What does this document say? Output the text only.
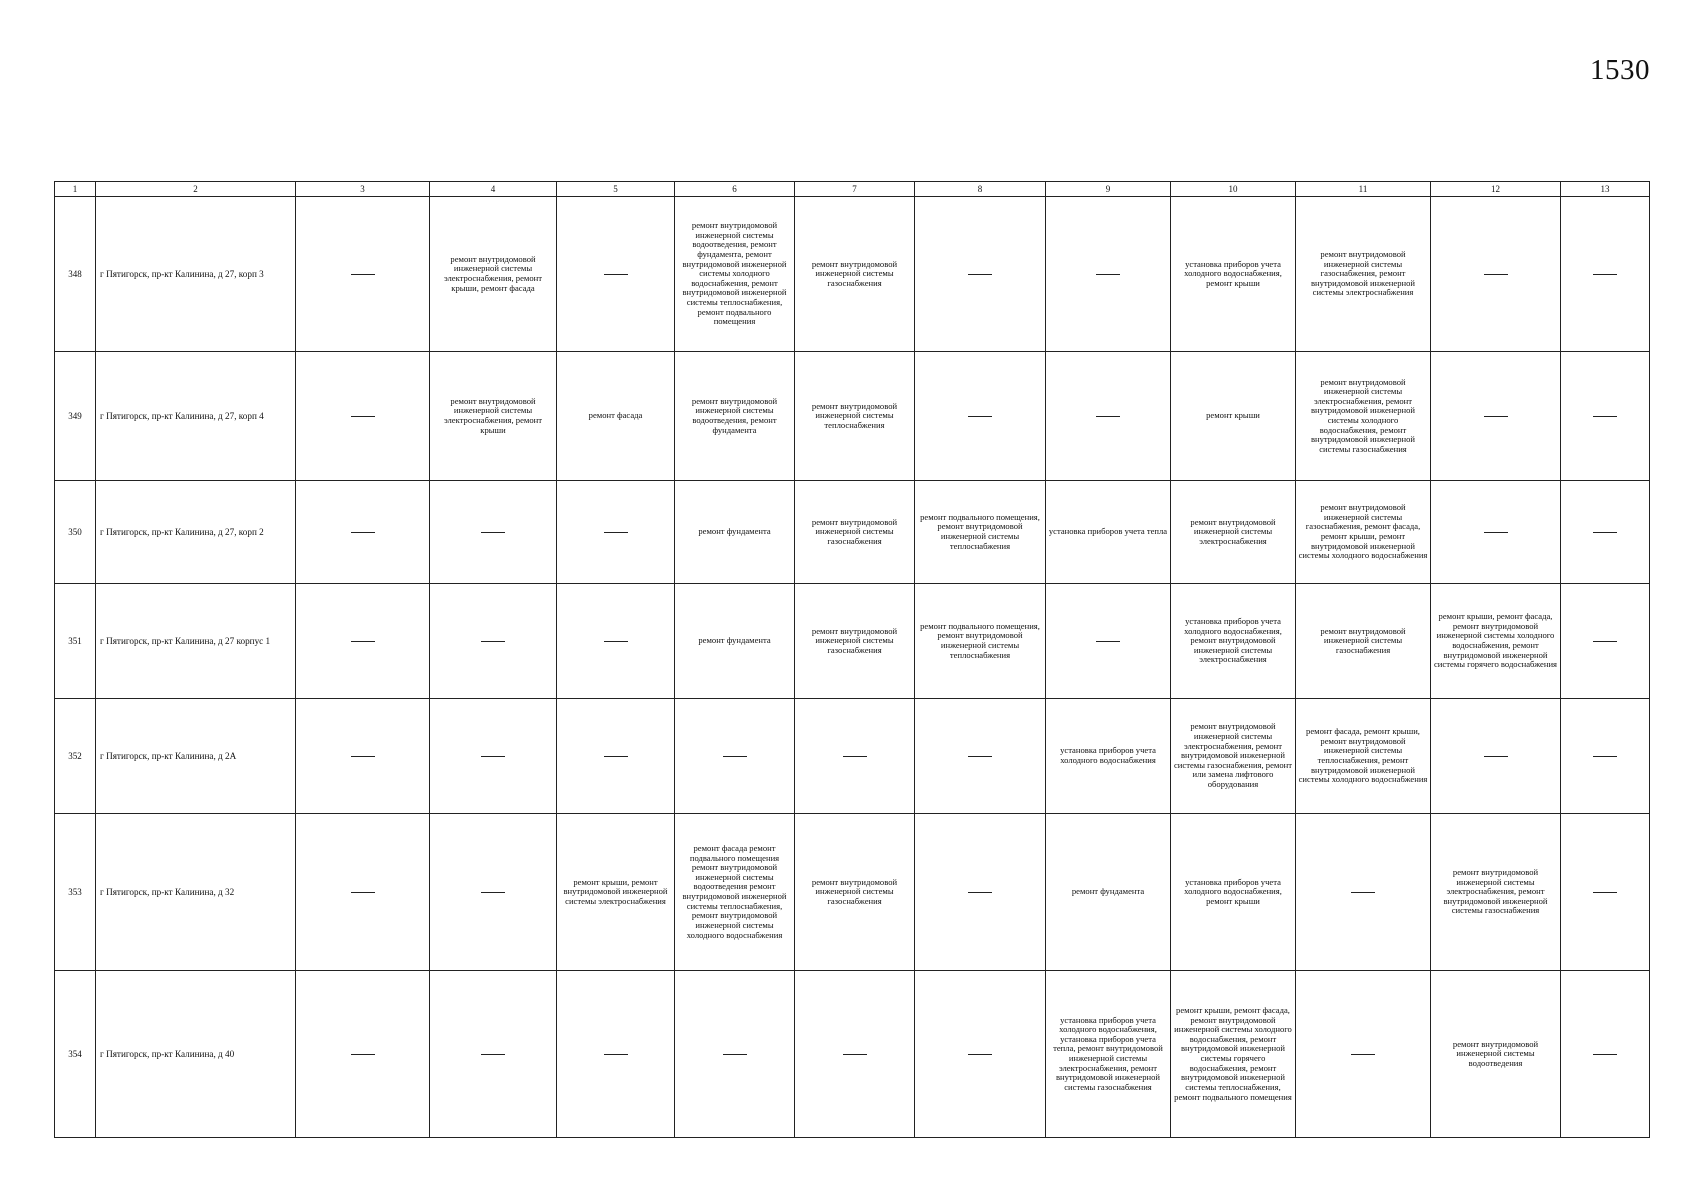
1530
1	2	3	4	5	6	7	8	9	10	11	12	13
348	г Пятигорск, пр-кт Калинина, д 27, корп 3		ремонт внутридомовой инженерной системы электроснабжения, ремонт крыши, ремонт фасада		ремонт внутридомовой инженерной системы водоотведения, ремонт фундамента, ремонт внутридомовой инженерной системы холодного водоснабжения, ремонт внутридомовой инженерной системы теплоснабжения, ремонт подвального помещения	ремонт внутридомовой инженерной системы газоснабжения			установка приборов учета холодного водоснабжения, ремонт крыши	ремонт внутридомовой инженерной системы газоснабжения, ремонт внутридомовой инженерной системы электроснабжения		
349	г Пятигорск, пр-кт Калинина, д 27, корп 4		ремонт внутридомовой инженерной системы электроснабжения, ремонт крыши	ремонт фасада	ремонт внутридомовой инженерной системы водоотведения, ремонт фундамента	ремонт внутридомовой инженерной системы теплоснабжения			ремонт крыши	ремонт внутридомовой инженерной системы электроснабжения, ремонт внутридомовой инженерной системы холодного водоснабжения, ремонт внутридомовой инженерной системы газоснабжения		
350	г Пятигорск, пр-кт Калинина, д 27, корп 2				ремонт фундамента	ремонт внутридомовой инженерной системы газоснабжения	ремонт подвального помещения, ремонт внутридомовой инженерной системы теплоснабжения	установка приборов учета тепла	ремонт внутридомовой инженерной системы электроснабжения	ремонт внутридомовой инженерной системы газоснабжения, ремонт фасада, ремонт крыши, ремонт внутридомовой инженерной системы холодного водоснабжения		
351	г Пятигорск, пр-кт Калинина, д 27 корпус 1				ремонт фундамента	ремонт внутридомовой инженерной системы газоснабжения	ремонт подвального помещения, ремонт внутридомовой инженерной системы теплоснабжения		установка приборов учета холодного водоснабжения, ремонт внутридомовой инженерной системы электроснабжения	ремонт внутридомовой инженерной системы газоснабжения	ремонт крыши, ремонт фасада, ремонт внутридомовой инженерной системы холодного водоснабжения, ремонт внутридомовой инженерной системы горячего водоснабжения	
352	г Пятигорск, пр-кт Калинина, д 2А							установка приборов учета холодного водоснабжения	ремонт внутридомовой инженерной системы электроснабжения, ремонт внутридомовой инженерной системы газоснабжения, ремонт или замена лифтового оборудования	ремонт фасада, ремонт крыши, ремонт внутридомовой инженерной системы теплоснабжения, ремонт внутридомовой инженерной системы холодного водоснабжения		
353	г Пятигорск, пр-кт Калинина, д 32			ремонт крыши, ремонт внутридомовой инженерной системы электроснабжения	ремонт фасада ремонт подвального помещения ремонт внутридомовой инженерной системы водоотведения ремонт внутридомовой инженерной системы теплоснабжения, ремонт внутридомовой инженерной системы холодного водоснабжения	ремонт внутридомовой инженерной системы газоснабжения		ремонт фундамента	установка приборов учета холодного водоснабжения, ремонт крыши		ремонт внутридомовой инженерной системы электроснабжения, ремонт внутридомовой инженерной системы газоснабжения	
354	г Пятигорск, пр-кт Калинина, д 40							установка приборов учета холодного водоснабжения, установка приборов учета тепла, ремонт внутридомовой инженерной системы электроснабжения, ремонт внутридомовой инженерной системы газоснабжения	ремонт крыши, ремонт фасада, ремонт внутридомовой инженерной системы холодного водоснабжения, ремонт внутридомовой инженерной системы горячего водоснабжения, ремонт внутридомовой инженерной системы теплоснабжения, ремонт подвального помещения		ремонт внутридомовой инженерной системы водоотведения	
